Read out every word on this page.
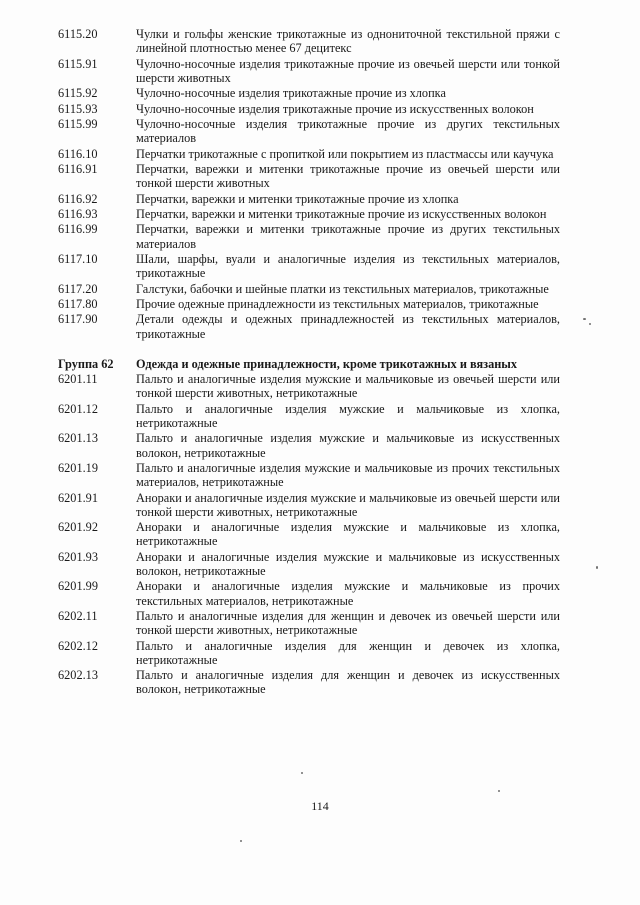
6115.20	Чулки и гольфы женские трикотажные из однониточной текстильной пряжи с линейной плотностью менее 67 децитекс
6115.91	Чулочно-носочные изделия трикотажные прочие из овечьей шерсти или тонкой шерсти животных
6115.92	Чулочно-носочные изделия трикотажные прочие из хлопка
6115.93	Чулочно-носочные изделия трикотажные прочие из искусственных волокон
6115.99	Чулочно-носочные изделия трикотажные прочие из других текстильных материалов
6116.10	Перчатки трикотажные с пропиткой или покрытием из пластмассы или каучука
6116.91	Перчатки, варежки и митенки трикотажные прочие из овечьей шерсти или тонкой шерсти животных
6116.92	Перчатки, варежки и митенки трикотажные прочие из хлопка
6116.93	Перчатки, варежки и митенки трикотажные прочие из искусственных волокон
6116.99	Перчатки, варежки и митенки трикотажные прочие из других текстильных материалов
6117.10	Шали, шарфы, вуали и аналогичные изделия из текстильных материалов, трикотажные
6117.20	Галстуки, бабочки и шейные платки из текстильных материалов, трикотажные
6117.80	Прочие одежные принадлежности из текстильных материалов, трикотажные
6117.90	Детали одежды и одежных принадлежностей из текстильных материалов, трикотажные
Группа 62	Одежда и одежные принадлежности, кроме трикотажных и вязаных
6201.11	Пальто и аналогичные изделия мужские и мальчиковые из овечьей шерсти или тонкой шерсти животных, нетрикотажные
6201.12	Пальто и аналогичные изделия мужские и мальчиковые из хлопка, нетрикотажные
6201.13	Пальто и аналогичные изделия мужские и мальчиковые из искусственных волокон, нетрикотажные
6201.19	Пальто и аналогичные изделия мужские и мальчиковые из прочих текстильных материалов, нетрикотажные
6201.91	Анораки и аналогичные изделия мужские и мальчиковые из овечьей шерсти или тонкой шерсти животных, нетрикотажные
6201.92	Анораки и аналогичные изделия мужские и мальчиковые из хлопка, нетрикотажные
6201.93	Анораки и аналогичные изделия мужские и мальчиковые из искусственных волокон, нетрикотажные
6201.99	Анораки и аналогичные изделия мужские и мальчиковые из прочих текстильных материалов, нетрикотажные
6202.11	Пальто и аналогичные изделия для женщин и девочек из овечьей шерсти или тонкой шерсти животных, нетрикотажные
6202.12	Пальто и аналогичные изделия для женщин и девочек из хлопка, нетрикотажные
6202.13	Пальто и аналогичные изделия для женщин и девочек из искусственных волокон, нетрикотажные
114
